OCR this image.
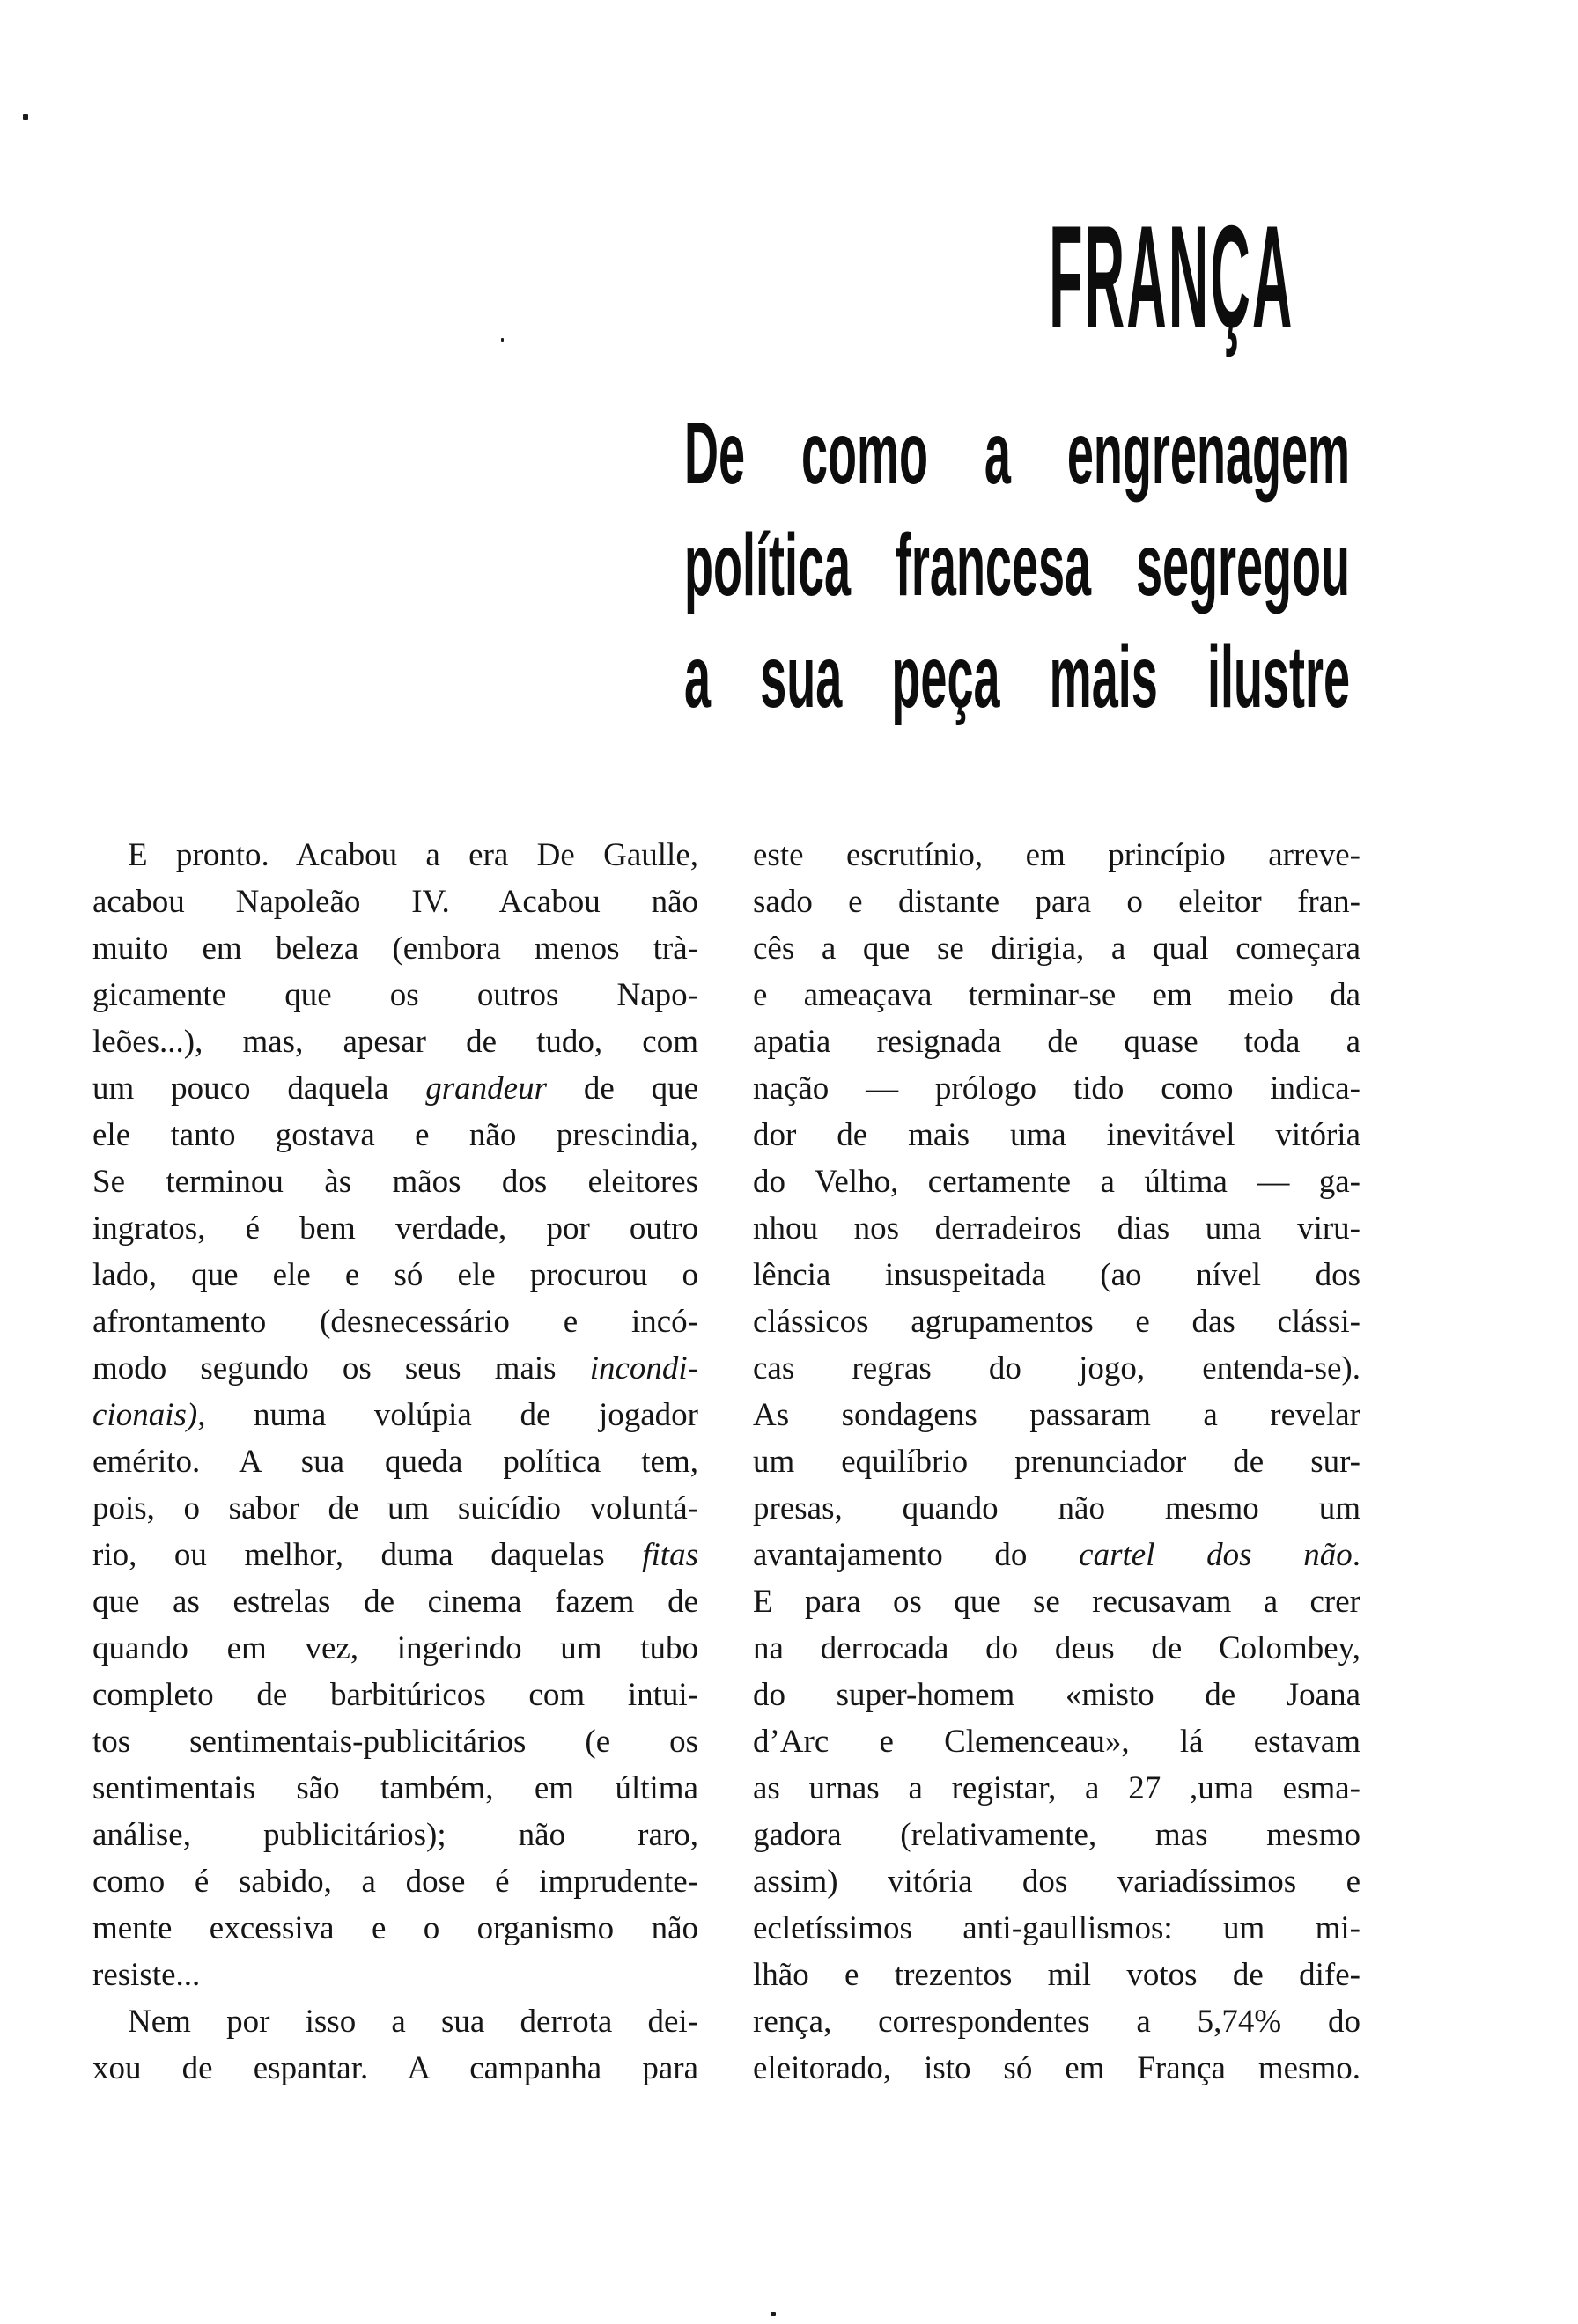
FRANÇA
De como a engrenagem
política francesa segregou
a sua peça mais ilustre
E pronto. Acabou a era De Gaulle,
acabou Napoleão IV. Acabou não
muito em beleza (embora menos trà-
gicamente que os outros Napo-
leões...), mas, apesar de tudo, com
um pouco daquela grandeur de que
ele tanto gostava e não prescindia,
Se terminou às mãos dos eleitores
ingratos, é bem verdade, por outro
lado, que ele e só ele procurou o
afrontamento (desnecessário e incó-
modo segundo os seus mais incondi-
cionais), numa volúpia de jogador
emérito. A sua queda política tem,
pois, o sabor de um suicídio voluntá-
rio, ou melhor, duma daquelas fitas
que as estrelas de cinema fazem de
quando em vez, ingerindo um tubo
completo de barbitúricos com intui-
tos sentimentais-publicitários (e os
sentimentais são também, em última
análise, publicitários); não raro,
como é sabido, a dose é imprudente-
mente excessiva e o organismo não
resiste...
Nem por isso a sua derrota dei-
xou de espantar. A campanha para
este escrutínio, em princípio arreve-
sado e distante para o eleitor fran-
cês a que se dirigia, a qual começara
e ameaçava terminar-se em meio da
apatia resignada de quase toda a
nação — prólogo tido como indica-
dor de mais uma inevitável vitória
do Velho, certamente a última — ga-
nhou nos derradeiros dias uma viru-
lência insuspeitada (ao nível dos
clássicos agrupamentos e das clássi-
cas regras do jogo, entenda-se).
As sondagens passaram a revelar
um equilíbrio prenunciador de sur-
presas, quando não mesmo um
avantajamento do cartel dos não.
E para os que se recusavam a crer
na derrocada do deus de Colombey,
do super-homem «misto de Joana
d’Arc e Clemenceau», lá estavam
as urnas a registar, a 27 ,uma esma-
gadora (relativamente, mas mesmo
assim) vitória dos variadíssimos e
ecletíssimos anti-gaullismos: um mi-
lhão e trezentos mil votos de dife-
rença, correspondentes a 5,74% do
eleitorado, isto só em França mesmo.
